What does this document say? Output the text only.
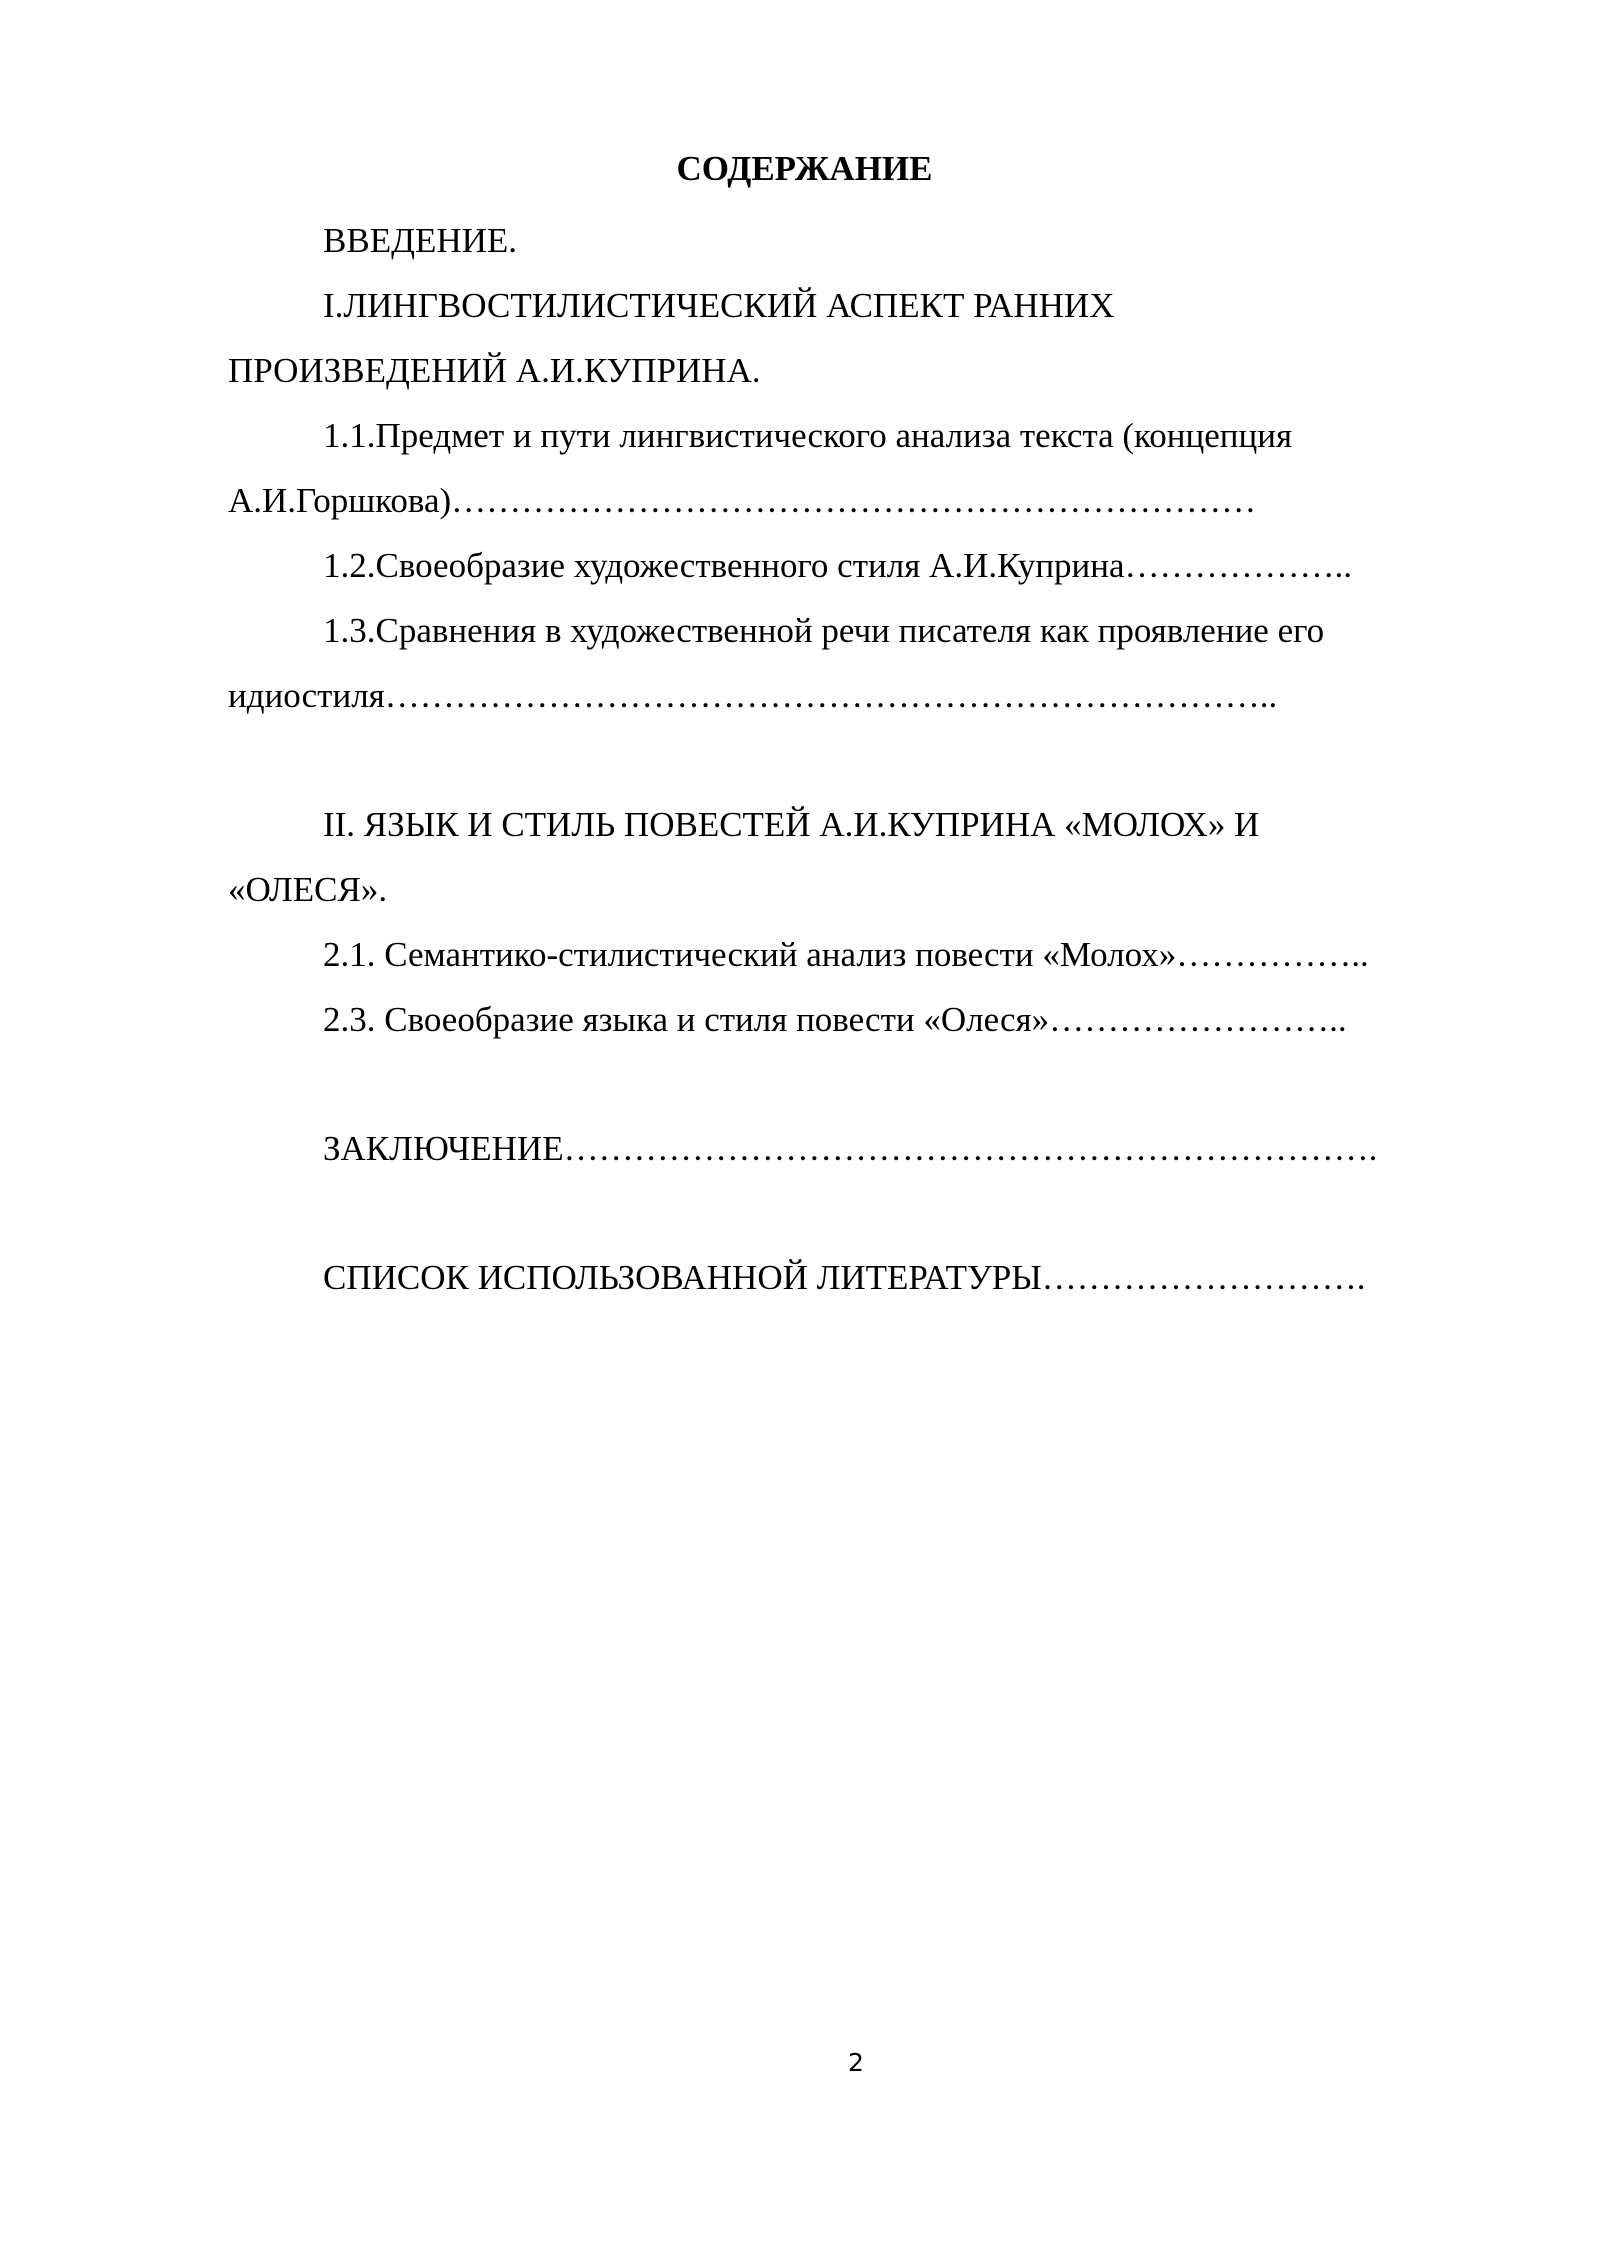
СОДЕРЖАНИЕ
ВВЕДЕНИЕ.
I.ЛИНГВОСТИЛИСТИЧЕСКИЙ АСПЕКТ РАННИХ
ПРОИЗВЕДЕНИЙ А.И.КУПРИНА.
1.1.Предмет и пути лингвистического анализа текста (концепция
А.И.Горшкова)……………………………………………………………
1.2.Своеобразие художественного стиля А.И.Куприна………………..
1.3.Сравнения в художественной речи писателя как проявление его
идиостиля…………………………………………………………………..
II. ЯЗЫК И СТИЛЬ ПОВЕСТЕЙ А.И.КУПРИНА «МОЛОХ» И
«ОЛЕСЯ».
2.1. Семантико-стилистический анализ повести «Молох»……………..
2.3. Своеобразие языка и стиля повести «Олеся»……………………..
ЗАКЛЮЧЕНИЕ…………………………………………………………….
СПИСОК ИСПОЛЬЗОВАННОЙ ЛИТЕРАТУРЫ……………………….
2
